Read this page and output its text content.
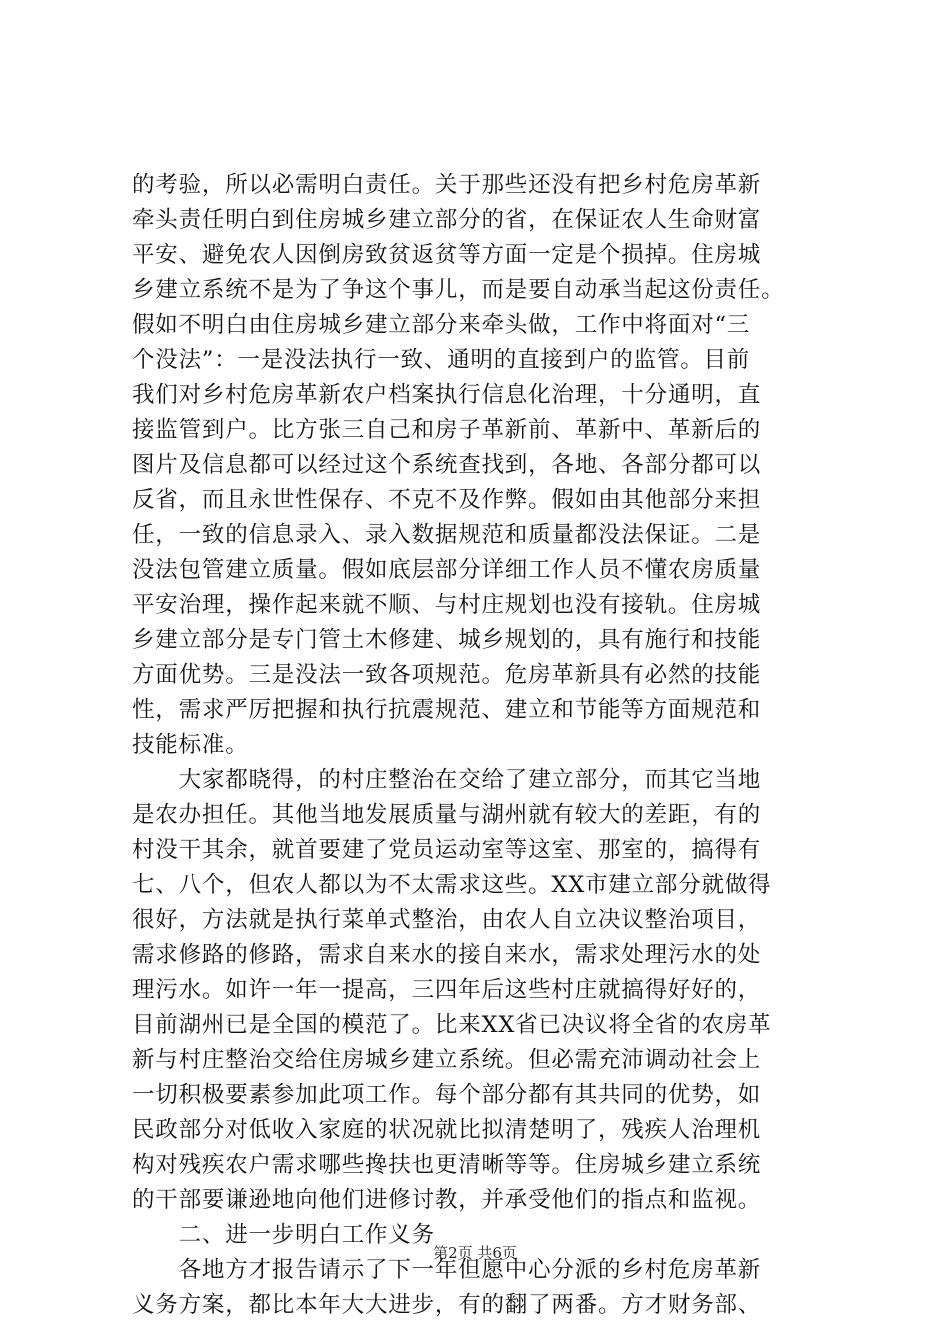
的考验，所以必需明白责任。关于那些还没有把乡村危房革新
牵头责任明白到住房城乡建立部分的省，在保证农人生命财富
平安、避免农人因倒房致贫返贫等方面一定是个损掉。住房城
乡建立系统不是为了争这个事儿，而是要自动承当起这份责任。
假如不明白由住房城乡建立部分来牵头做，工作中将面对“三
个没法”：一是没法执行一致、通明的直接到户的监管。目前
我们对乡村危房革新农户档案执行信息化治理，十分通明，直
接监管到户。比方张三自己和房子革新前、革新中、革新后的
图片及信息都可以经过这个系统查找到，各地、各部分都可以
反省，而且永世性保存、不克不及作弊。假如由其他部分来担
任，一致的信息录入、录入数据规范和质量都没法保证。二是
没法包管建立质量。假如底层部分详细工作人员不懂农房质量
平安治理，操作起来就不顺、与村庄规划也没有接轨。住房城
乡建立部分是专门管土木修建、城乡规划的，具有施行和技能
方面优势。三是没法一致各项规范。危房革新具有必然的技能
性，需求严厉把握和执行抗震规范、建立和节能等方面规范和
技能标准。
　　大家都晓得，的村庄整治在交给了建立部分，而其它当地
是农办担任。其他当地发展质量与湖州就有较大的差距，有的
村没干其余，就首要建了党员运动室等这室、那室的，搞得有
七、八个，但农人都以为不太需求这些。XX市建立部分就做得
很好，方法就是执行菜单式整治，由农人自立决议整治项目，
需求修路的修路，需求自来水的接自来水，需求处理污水的处
理污水。如许一年一提高，三四年后这些村庄就搞得好好的，
目前湖州已是全国的模范了。比来XX省已决议将全省的农房革
新与村庄整治交给住房城乡建立系统。但必需充沛调动社会上
一切积极要素参加此项工作。每个部分都有其共同的优势，如
民政部分对低收入家庭的状况就比拟清楚明了，残疾人治理机
构对残疾农户需求哪些搀扶也更清晰等等。住房城乡建立系统
的干部要谦逊地向他们进修讨教，并承受他们的指点和监视。
　　二、进一步明白工作义务
　　各地方才报告请示了下一年但愿中心分派的乡村危房革新
义务方案，都比本年大大进步，有的翻了两番。方才财务部、
第2页 共6页
